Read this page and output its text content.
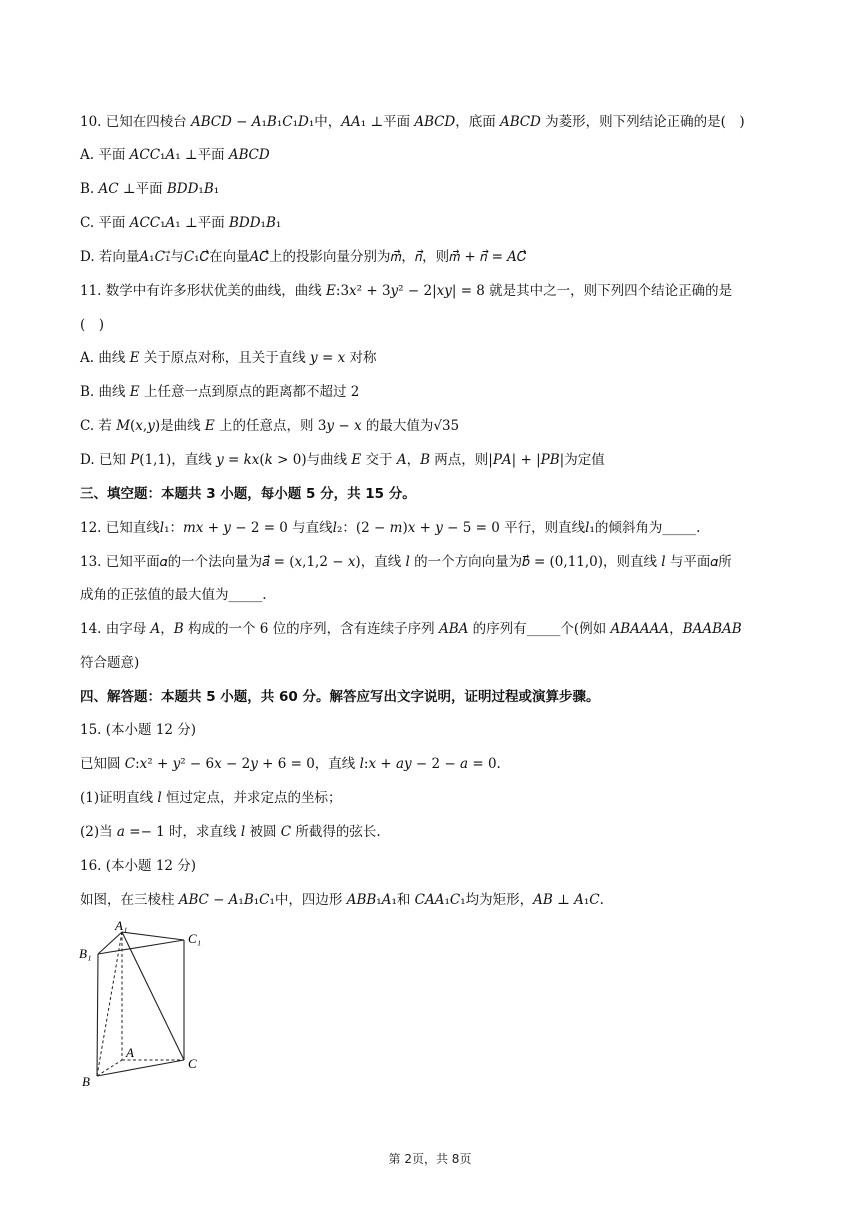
10. 已知在四棱台 𝐴𝐵𝐶𝐷 − 𝐴₁𝐵₁𝐶₁𝐷₁中，𝐴𝐴₁ ⊥平面 𝐴𝐵𝐶𝐷，底面 𝐴𝐵𝐶𝐷 为菱形，则下列结论正确的是(　)
A. 平面 𝐴𝐶𝐶₁𝐴₁ ⊥平面 𝐴𝐵𝐶𝐷
B. 𝐴𝐶 ⊥平面 𝐵𝐷𝐷₁𝐵₁
C. 平面 𝐴𝐶𝐶₁𝐴₁ ⊥平面 𝐵𝐷𝐷₁𝐵₁
D. 若向量𝐴₁𝐶₁⃗与𝐶₁𝐶⃗在向量𝐴𝐶⃗上的投影向量分别为𝑚⃗，𝑛⃗，则𝑚⃗ + 𝑛⃗ = 𝐴𝐶⃗
11. 数学中有许多形状优美的曲线，曲线 𝐸:3𝑥² + 3𝑦² − 2|𝑥𝑦| = 8 就是其中之一，则下列四个结论正确的是
(　)
A. 曲线 𝐸 关于原点对称，且关于直线 𝑦 = 𝑥 对称
B. 曲线 𝐸 上任意一点到原点的距离都不超过 2
C. 若 𝑀(𝑥,𝑦)是曲线 𝐸 上的任意点，则 3𝑦 − 𝑥 的最大值为√35
D. 已知 𝑃(1,1)，直线 𝑦 = 𝑘𝑥(𝑘 > 0)与曲线 𝐸 交于 𝐴，𝐵 两点，则|𝑃𝐴| + |𝑃𝐵|为定值
三、填空题：本题共 3 小题，每小题 5 分，共 15 分。
12. 已知直线𝑙₁：𝑚𝑥 + 𝑦 − 2 = 0 与直线𝑙₂：(2 − 𝑚)𝑥 + 𝑦 − 5 = 0 平行，则直线𝑙₁的倾斜角为_____.
13. 已知平面𝛼的一个法向量为𝑎⃗ = (𝑥,1,2 − 𝑥)，直线 𝑙 的一个方向向量为𝑏⃗ = (0,11,0)，则直线 𝑙 与平面𝛼所
成角的正弦值的最大值为_____.
14. 由字母 𝐴，𝐵 构成的一个 6 位的序列，含有连续子序列 𝐴𝐵𝐴 的序列有_____个(例如 𝐴𝐵𝐴𝐴𝐴𝐴，𝐵𝐴𝐴𝐵𝐴𝐵
符合题意)
四、解答题：本题共 5 小题，共 60 分。解答应写出文字说明，证明过程或演算步骤。
15. (本小题 12 分)
已知圆 𝐶:𝑥² + 𝑦² − 6𝑥 − 2𝑦 + 6 = 0，直线 𝑙:𝑥 + 𝑎𝑦 − 2 − 𝑎 = 0.
(1)证明直线 𝑙 恒过定点，并求定点的坐标；
(2)当 𝑎 =− 1 时，求直线 𝑙 被圆 𝐶 所截得的弦长.
16. (本小题 12 分)
如图，在三棱柱 𝐴𝐵𝐶 − 𝐴₁𝐵₁𝐶₁中，四边形 𝐴𝐵𝐵₁𝐴₁和 𝐶𝐴𝐴₁𝐶₁均为矩形，𝐴𝐵 ⊥ 𝐴₁𝐶.
A₁
B₁
C₁
A
B
C
第 2页，共 8页
